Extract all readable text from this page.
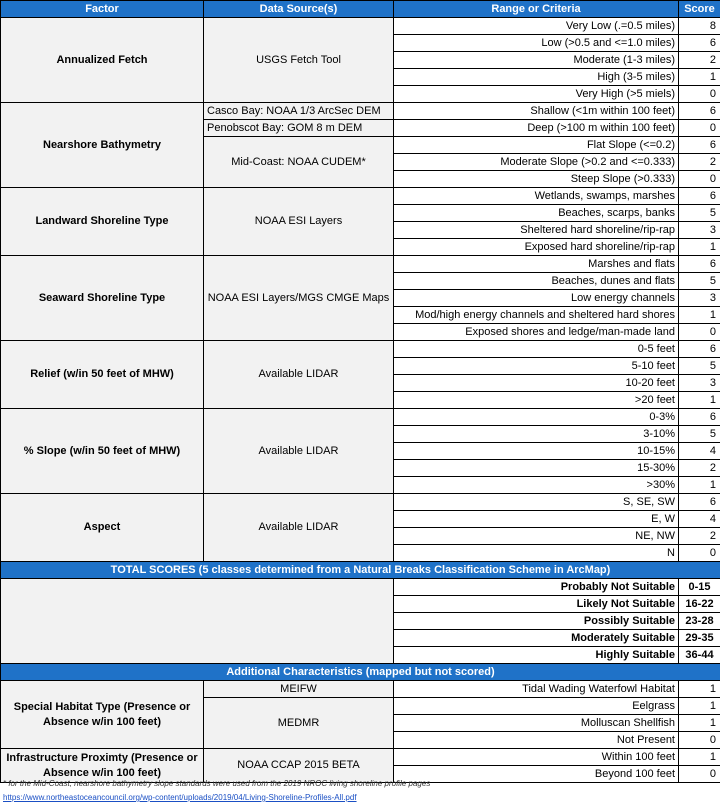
Factor	Data Source(s)	Range or Criteria	Score
Annualized Fetch	USGS Fetch Tool	Very Low (.=0.5 miles)	8
		Low (>0.5 and <=1.0 miles)	6
		Moderate (1-3 miles)	2
		High (3-5 miles)	1
		Very High (>5 miels)	0
Nearshore Bathymetry	Casco Bay: NOAA 1/3 ArcSec DEM	Shallow (<1m within 100 feet)	6
	Penobscot Bay: GOM 8 m DEM	Deep (>100 m within 100 feet)	0
	Mid-Coast: NOAA CUDEM*	Flat Slope (<=0.2)	6
		Moderate Slope (>0.2 and <=0.333)	2
		Steep Slope (>0.333)	0
Landward Shoreline Type	NOAA ESI Layers	Wetlands, swamps, marshes	6
		Beaches, scarps, banks	5
		Sheltered hard shoreline/rip-rap	3
		Exposed hard shoreline/rip-rap	1
Seaward Shoreline Type	NOAA ESI Layers/MGS CMGE Maps	Marshes and flats	6
		Beaches, dunes and flats	5
		Low energy channels	3
		Mod/high energy channels and sheltered hard shores	1
		Exposed shores and ledge/man-made land	0
Relief (w/in 50 feet of MHW)	Available LIDAR	0-5 feet	6
		5-10 feet	5
		10-20 feet	3
		>20 feet	1
% Slope (w/in 50 feet of MHW)	Available LIDAR	0-3%	6
		3-10%	5
		10-15%	4
		15-30%	2
		>30%	1
Aspect	Available LIDAR	S, SE, SW	6
		E, W	4
		NE, NW	2
		N	0
TOTAL SCORES (5 classes determined from a Natural Breaks Classification Scheme in ArcMap)			
		Probably Not Suitable	0-15
		Likely Not Suitable	16-22
		Possibly Suitable	23-28
		Moderately Suitable	29-35
		Highly Suitable	36-44
Additional Characteristics (mapped but not scored)			
Special Habitat Type (Presence or Absence w/in 100 feet)	MEIFW	Tidal Wading Waterfowl Habitat	1
	MEDMR	Eelgrass	1
		Molluscan Shellfish	1
		Not Present	0
Infrastructure Proximty (Presence or Absence w/in 100 feet)	NOAA CCAP 2015 BETA	Within 100 feet	1
		Beyond 100 feet	0
* for the Mid-Coast, nearshore bathymetry slope standards were used from the 2019 NROC living shoreline profile pages
https://www.northeastoceancouncil.org/wp-content/uploads/2019/04/Living-Shoreline-Profiles-All.pdf
